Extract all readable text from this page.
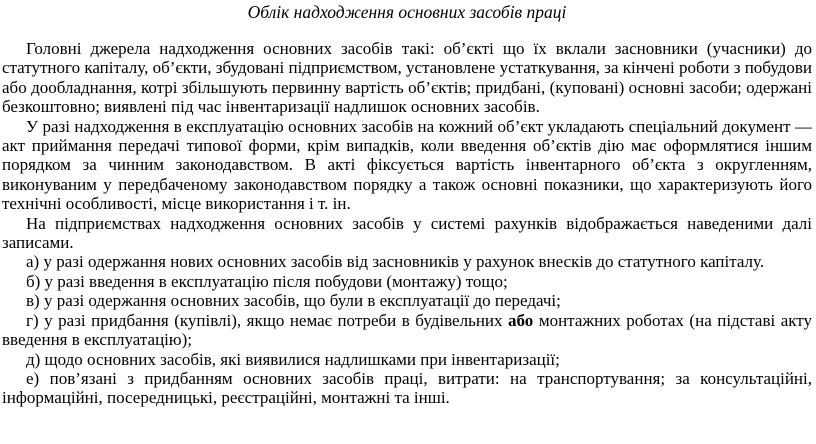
Облік надходження основних засобів праці

Головні джерела надходження основних засобів такі: об’єкті що їх вклали засновники (учасники) до статутного капіталу, об’єкти, збудовані підприємством, установлене устаткування, за кінчені роботи з побудови або дообладнання, котрі збільшують первинну вартість об’єктів; придбані, (куповані) основні засоби; одержані безкоштовно; виявлені під час інвентаризації надлишок основних засобів.

У разі надходження в експлуатацію основних засобів на кожний об’єкт укладають спеціальний документ — акт приймання передачі типової форми, крім випадків, коли введення об’єктів дію має оформлятися іншим порядком за чинним законодавством. В акті фіксується вартість інвентарного об’єкта з округленням, виконуваним у передбаченому законодавством порядку а також основні показники, що характеризують його технічні особливості, місце використання і т. ін.

На підприємствах надходження основних засобів у системі рахунків відображається наведеними далі записами.

а) у разі одержання нових основних засобів від засновників у рахунок внесків до статутного капіталу.

б) у разі введення в експлуатацію після побудови (монтажу) тощо;

в) у разі одержання основних засобів, що були в експлуатації до передачі;

г) у разі придбання (купівлі), якщо немає потреби в будівельних або монтажних роботах (на підставі акту введення в експлуатацію);

д) щодо основних засобів, які виявилися надлишками при інвентаризації;

е) пов’язані з придбанням основних засобів праці, витрати: на транспортування; за консультаційні, інформаційні, посередницькі, реєстраційні, монтажні та інші.
